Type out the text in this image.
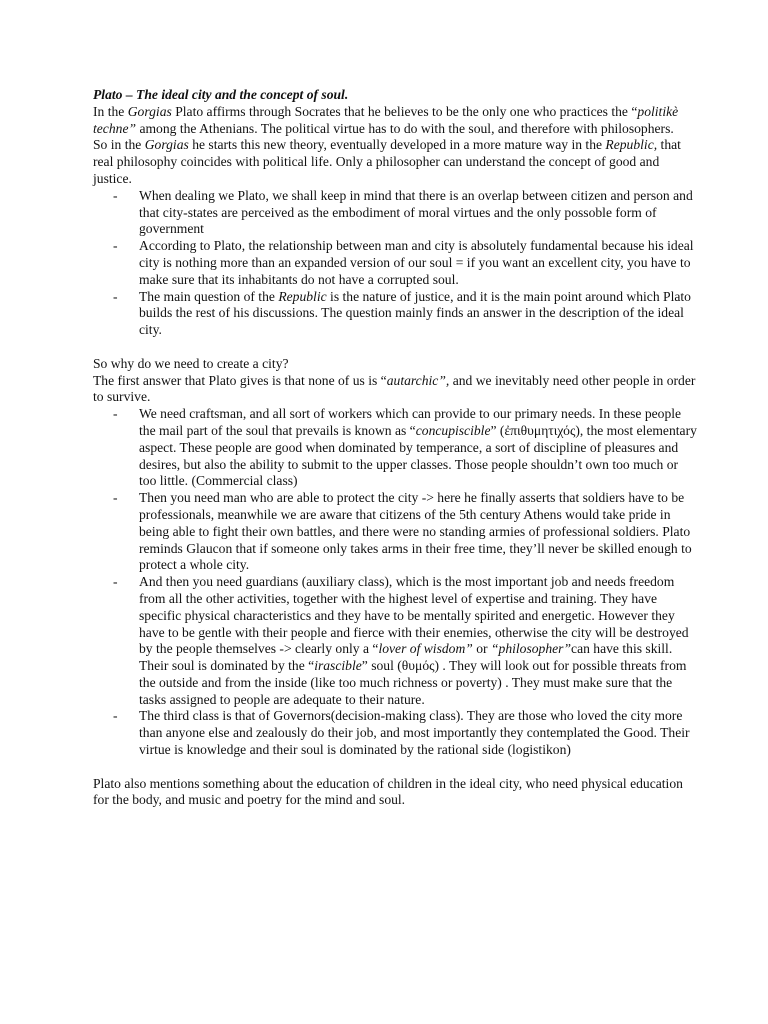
Plato – The ideal city and the concept of soul.

In the Gorgias Plato affirms through Socrates that he believes to be the only one who practices the “politikè techne” among the Athenians. The political virtue has to do with the soul, and therefore with philosophers.

So in the Gorgias he starts this new theory, eventually developed in a more mature way in the Republic, that real philosophy coincides with political life. Only a philosopher can understand the concept of good and justice.

- When dealing we Plato, we shall keep in mind that there is an overlap between citizen and person and that city-states are perceived as the embodiment of moral virtues and the only possoble form of government
- According to Plato, the relationship between man and city is absolutely fundamental because his ideal city is nothing more than an expanded version of our soul = if you want an excellent city, you have to make sure that its inhabitants do not have a corrupted soul.
- The main question of the Republic is the nature of justice, and it is the main point around which Plato builds the rest of his discussions. The question mainly finds an answer in the description of the ideal city.

So why do we need to create a city?

The first answer that Plato gives is that none of us is “autarchic”, and we inevitably need other people in order to survive.

- We need craftsman, and all sort of workers which can provide to our primary needs. In these people the mail part of the soul that prevails is known as “concupiscible” (ἐπιθυμητιχός), the most elementary aspect. These people are good when dominated by temperance, a sort of discipline of pleasures and desires, but also the ability to submit to the upper classes. Those people shouldn’t own too much or too little. (Commercial class)
- Then you need man who are able to protect the city -> here he finally asserts that soldiers have to be professionals, meanwhile we are aware that citizens of the 5th century Athens would take pride in being able to fight their own battles, and there were no standing armies of professional soldiers. Plato reminds Glaucon that if someone only takes arms in their free time, they’ll never be skilled enough to protect a whole city.
- And then you need guardians (auxiliary class), which is the most important job and needs freedom from all the other activities, together with the highest level of expertise and training. They have specific physical characteristics and they have to be mentally spirited and energetic. However they have to be gentle with their people and fierce with their enemies, otherwise the city will be destroyed by the people themselves -> clearly only a “lover of wisdom” or “philosopher”can have this skill. Their soul is dominated by the “irascible” soul (θυμός) . They will look out for possible threats from the outside and from the inside (like too much richness or poverty) . They must make sure that the tasks assigned to people are adequate to their nature.
- The third class is that of Governors(decision-making class). They are those who loved the city more than anyone else and zealously do their job, and most importantly they contemplated the Good. Their virtue is knowledge and their soul is dominated by the rational side (logistikon)

Plato also mentions something about the education of children in the ideal city, who need physical education for the body, and music and poetry for the mind and soul.
